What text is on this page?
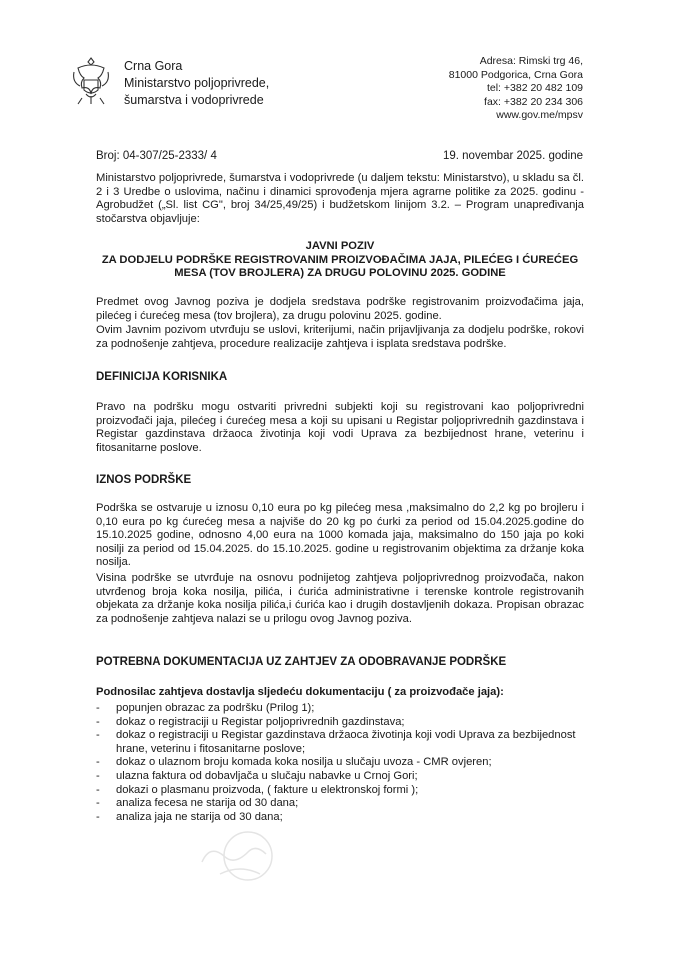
Crna Gora
Ministarstvo poljoprivrede,
šumarstva i vodoprivrede
Adresa: Rimski trg 46,
81000 Podgorica, Crna Gora
tel: +382 20 482 109
fax: +382 20 234 306
www.gov.me/mpsv
Broj: 04-307/25-2333/ 4	19. novembar 2025. godine

Ministarstvo poljoprivrede, šumarstva i vodoprivrede (u daljem tekstu: Ministarstvo), u skladu sa čl. 2 i 3 Uredbe o uslovima, načinu i dinamici sprovođenja mjera agrarne politike za 2025. godinu - Agrobudžet („Sl. list CG", broj 34/25,49/25) i budžetskom linijom 3.2. – Program unapređivanja stočarstva objavljuje:

JAVNI POZIV
ZA DODJELU PODRŠKE REGISTROVANIM PROIZVOĐAČIMA JAJA, PILEĆEG I ĆUREĆEG
MESA (TOV BROJLERA) ZA DRUGU POLOVINU 2025. GODINE

Predmet ovog Javnog poziva je dodjela sredstava podrške registrovanim proizvođačima jaja, pilećeg i ćurećeg mesa (tov brojlera), za drugu polovinu 2025. godine.

Ovim Javnim pozivom utvrđuju se uslovi, kriterijumi, način prijavljivanja za dodjelu podrške, rokovi za podnošenje zahtjeva, procedure realizacije zahtjeva i isplata sredstava podrške.

DEFINICIJA KORISNIKA

Pravo na podršku mogu ostvariti privredni subjekti koji su registrovani kao poljoprivredni proizvođači jaja, pilećeg i ćurećeg mesa a koji su upisani u Registar poljoprivrednih gazdinstava i Registar gazdinstava držaoca životinja koji vodi Uprava za bezbijednost hrane, veterinu i fitosanitarne poslove.

IZNOS PODRŠKE

Podrška se ostvaruje u iznosu 0,10 eura po kg pilećeg mesa ,maksimalno do 2,2 kg po brojleru i 0,10 eura po kg ćurećeg mesa a najviše do 20 kg po ćurki za period od 15.04.2025.godine do 15.10.2025 godine, odnosno 4,00 eura na 1000 komada jaja, maksimalno do 150 jaja po koki nosilji za period od 15.04.2025. do 15.10.2025. godine u registrovanim objektima za držanje koka nosilja.

Visina podrške se utvrđuje na osnovu podnijetog zahtjeva poljoprivrednog proizvođača, nakon utvrđenog broja koka nosilja, pilića, i ćurića administrativne i terenske kontrole registrovanih objekata za držanje koka nosilja pilića,i ćurića kao i drugih dostavljenih dokaza. Propisan obrazac za podnošenje zahtjeva nalazi se u prilogu ovog Javnog poziva.

POTREBNA DOKUMENTACIJA UZ ZAHTJEV ZA ODOBRAVANJE PODRŠKE
Podnosilac zahtjeva dostavlja sljedeću dokumentaciju ( za proizvođače jaja):
- popunjen obrazac za podršku (Prilog 1);
- dokaz o registraciji u Registar poljoprivrednih gazdinstava;
- dokaz o registraciji u Registar gazdinstava držaoca životinja koji vodi Uprava za bezbijednost hrane, veterinu i fitosanitarne poslove;
- dokaz o ulaznom broju komada koka nosilja u slučaju uvoza - CMR ovjeren;
- ulazna faktura od dobavljača u slučaju nabavke u Crnoj Gori;
- dokazi o plasmanu proizvoda, ( fakture u elektronskoj formi );
- analiza fecesa ne starija od 30 dana;
- analiza jaja ne starija od 30 dana;
